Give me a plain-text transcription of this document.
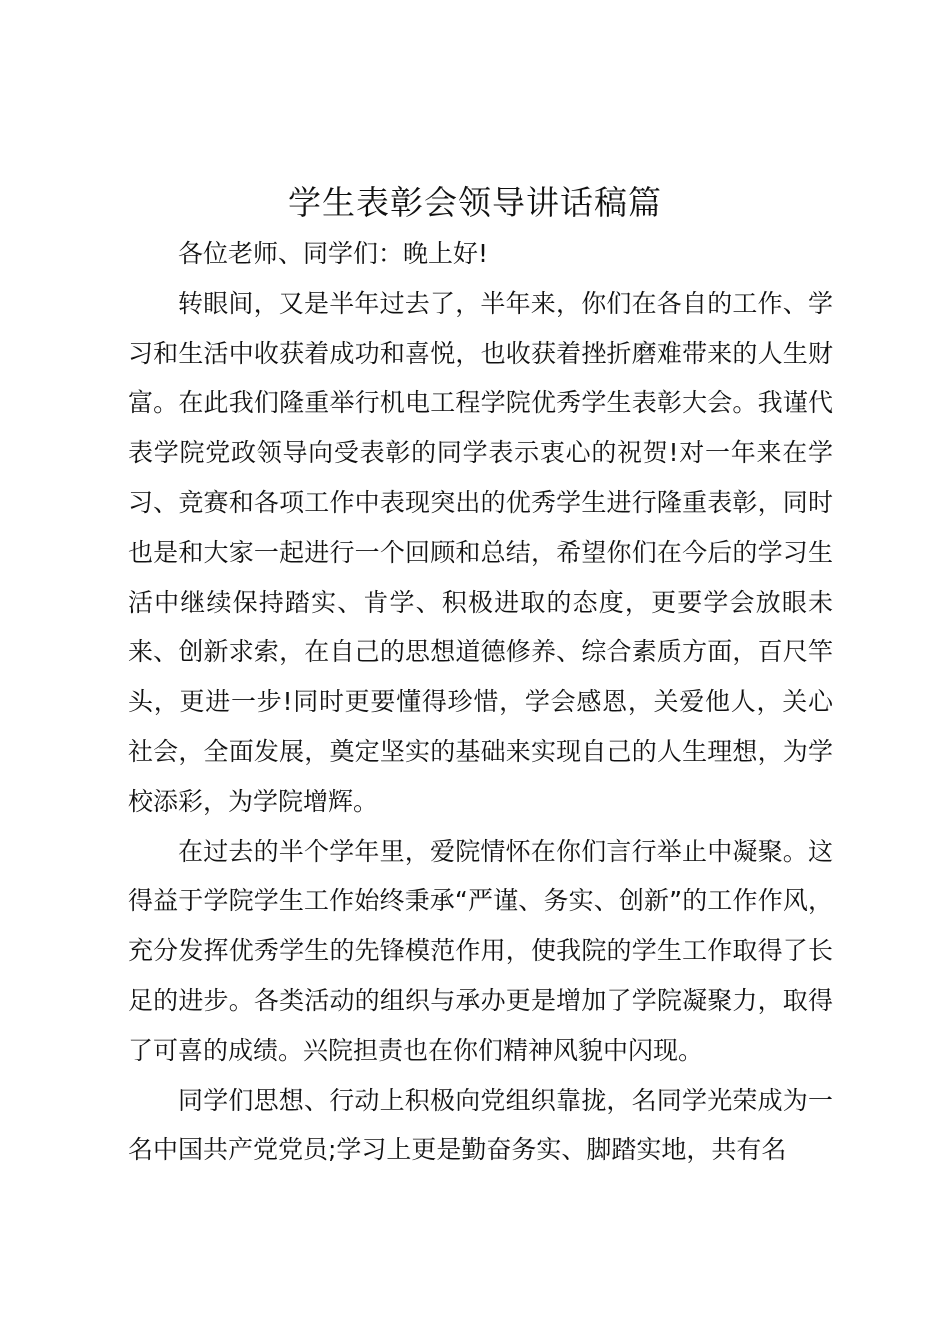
学生表彰会领导讲话稿篇

各位老师、同学们：晚上好!

转眼间，又是半年过去了，半年来，你们在各自的工作、学习和生活中收获着成功和喜悦，也收获着挫折磨难带来的人生财富。在此我们隆重举行机电工程学院优秀学生表彰大会。我谨代表学院党政领导向受表彰的同学表示衷心的祝贺!对一年来在学习、竞赛和各项工作中表现突出的优秀学生进行隆重表彰，同时也是和大家一起进行一个回顾和总结，希望你们在今后的学习生活中继续保持踏实、肯学、积极进取的态度，更要学会放眼未来、创新求索，在自己的思想道德修养、综合素质方面，百尺竿头，更进一步!同时更要懂得珍惜，学会感恩，关爱他人，关心社会，全面发展，奠定坚实的基础来实现自己的人生理想，为学校添彩，为学院增辉。

在过去的半个学年里，爱院情怀在你们言行举止中凝聚。这得益于学院学生工作始终秉承“严谨、务实、创新”的工作作风，充分发挥优秀学生的先锋模范作用，使我院的学生工作取得了长足的进步。各类活动的组织与承办更是增加了学院凝聚力，取得了可喜的成绩。兴院担责也在你们精神风貌中闪现。

同学们思想、行动上积极向党组织靠拢，名同学光荣成为一名中国共产党党员;学习上更是勤奋务实、脚踏实地，共有名
